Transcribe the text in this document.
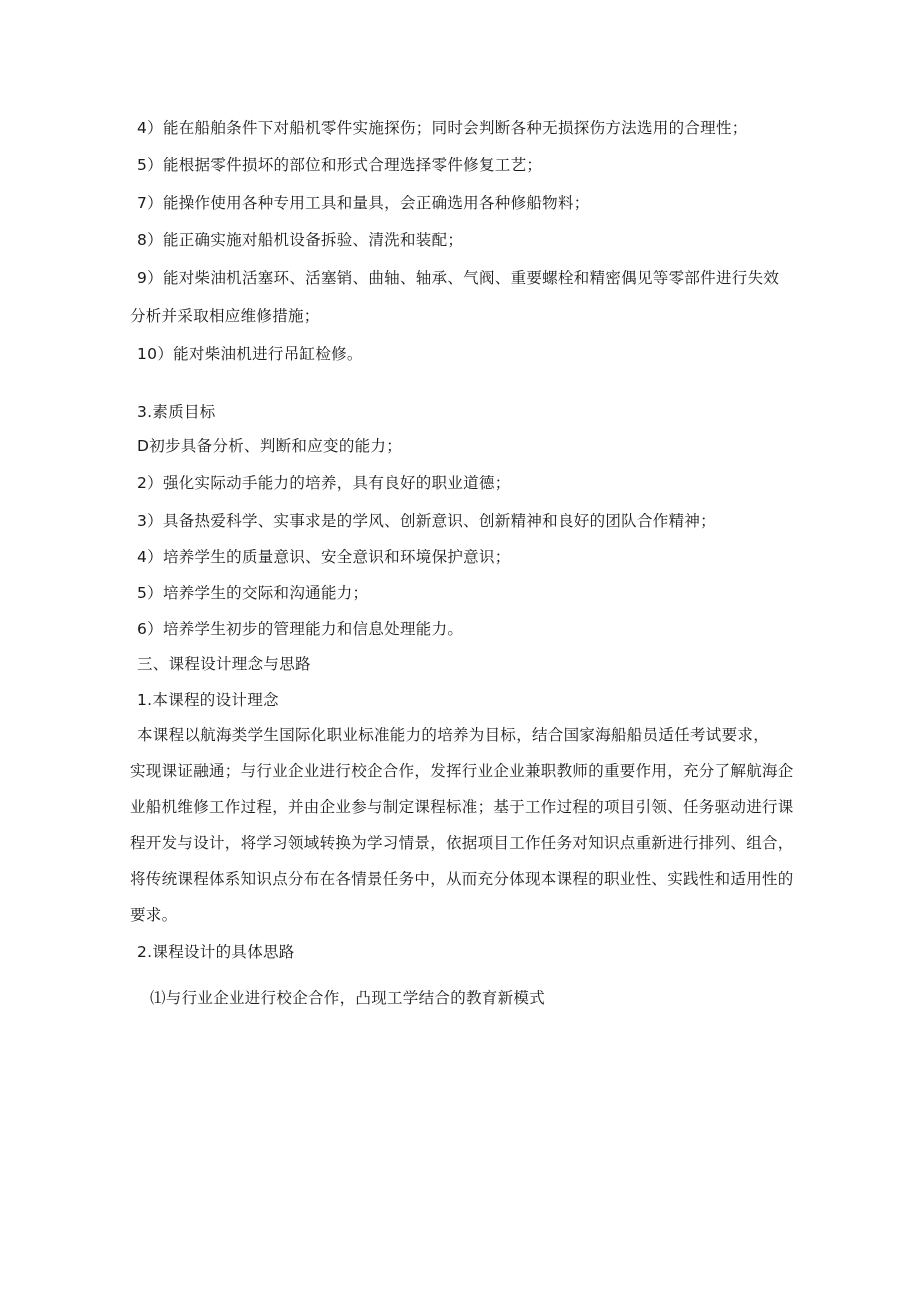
4）能在船舶条件下对船机零件实施探伤；同时会判断各种无损探伤方法选用的合理性；
5）能根据零件损坏的部位和形式合理选择零件修复工艺；
7）能操作使用各种专用工具和量具，会正确选用各种修船物料；
8）能正确实施对船机设备拆验、清洗和装配；
9）能对柴油机活塞环、活塞销、曲轴、轴承、气阀、重要螺栓和精密偶见等零部件进行失效
分析并采取相应维修措施；
10）能对柴油机进行吊缸检修。
3.素质目标
D初步具备分析、判断和应变的能力；
2）强化实际动手能力的培养，具有良好的职业道德；
3）具备热爱科学、实事求是的学风、创新意识、创新精神和良好的团队合作精神；
4）培养学生的质量意识、安全意识和环境保护意识；
5）培养学生的交际和沟通能力；
6）培养学生初步的管理能力和信息处理能力。
三、课程设计理念与思路
1.本课程的设计理念
本课程以航海类学生国际化职业标准能力的培养为目标，结合国家海船船员适任考试要求，
实现课证融通；与行业企业进行校企合作，发挥行业企业兼职教师的重要作用，充分了解航海企
业船机维修工作过程，并由企业参与制定课程标准；基于工作过程的项目引领、任务驱动进行课
程开发与设计，将学习领域转换为学习情景，依据项目工作任务对知识点重新进行排列、组合，
将传统课程体系知识点分布在各情景任务中，从而充分体现本课程的职业性、实践性和适用性的
要求。
2.课程设计的具体思路
⑴与行业企业进行校企合作，凸现工学结合的教育新模式
